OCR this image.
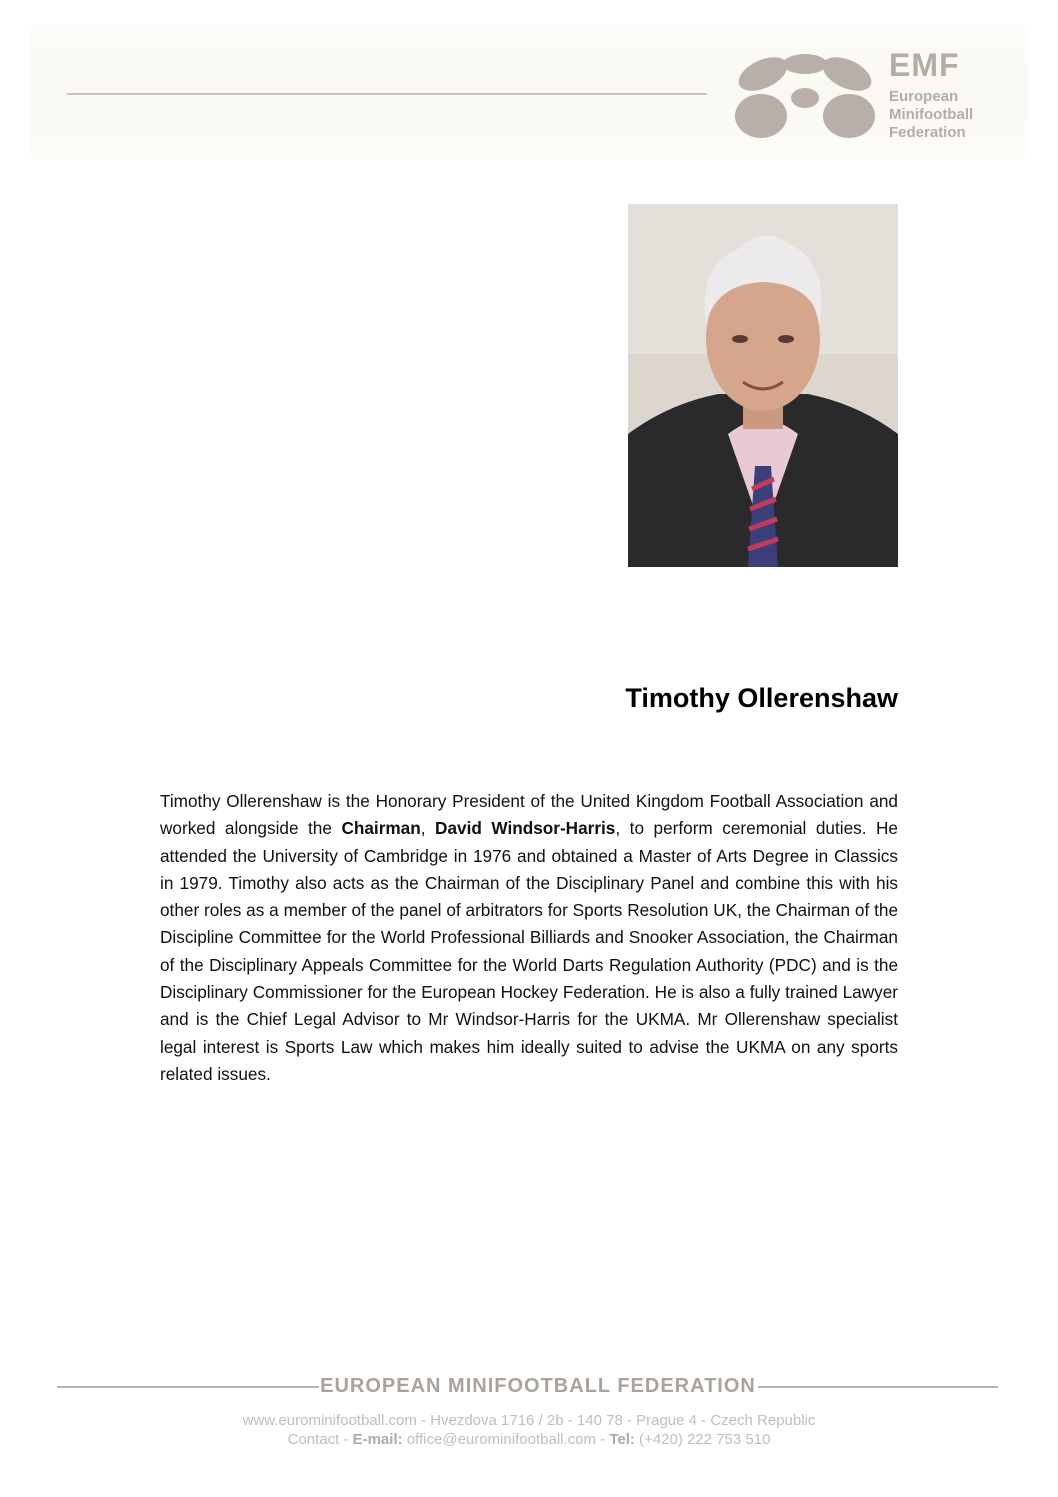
EMF
European
Minifootball
Federation
Timothy Ollerenshaw

Timothy Ollerenshaw is the Honorary President of the United Kingdom Football Association and worked alongside the Chairman, David Windsor-Harris, to perform ceremonial duties. He attended the University of Cambridge in 1976 and obtained a Master of Arts Degree in Classics in 1979. Timothy also acts as the Chairman of the Disciplinary Panel and combine this with his other roles as a member of the panel of arbitrators for Sports Resolution UK, the Chairman of the Discipline Committee for the World Professional Billiards and Snooker Association, the Chairman of the Disciplinary Appeals Committee for the World Darts Regulation Authority (PDC) and is the Disciplinary Commissioner for the European Hockey Federation. He is also a fully trained Lawyer and is the Chief Legal Advisor to Mr Windsor-Harris for the UKMA. Mr Ollerenshaw specialist legal interest is Sports Law which makes him ideally suited to advise the UKMA on any sports related issues.

EUROPEAN MINIFOOTBALL FEDERATION
www.eurominifootball.com - Hvezdova 1716 / 2b - 140 78 - Prague 4 - Czech Republic
Contact - E-mail: office@eurominifootball.com - Tel: (+420) 222 753 510
